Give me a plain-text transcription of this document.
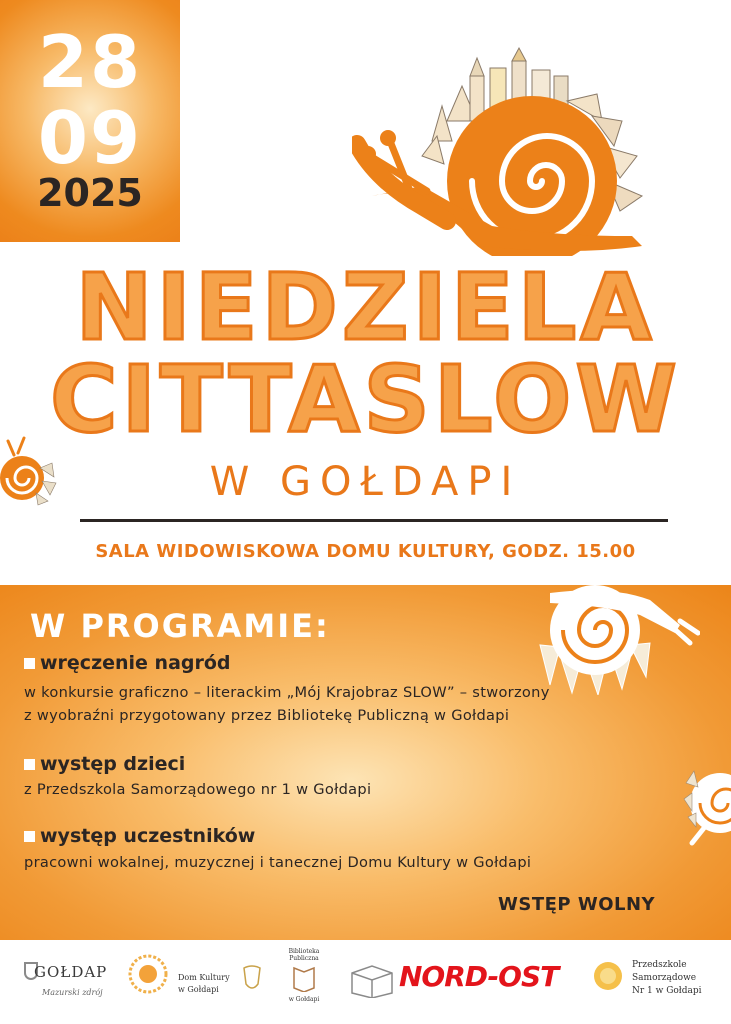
28
09
2025
NIEDZIELA
CITTASLOW
W GOŁDAPI
SALA WIDOWISKOWA DOMU KULTURY, GODZ. 15.00
W PROGRAMIE:
wręczenie nagród
w konkursie graficzno – literackim „Mój Krajobraz SLOW” – stworzony
z wyobraźni przygotowany przez Bibliotekę Publiczną w Gołdapi
występ dzieci
z Przedszkola Samorządowego nr 1 w Gołdapi
występ uczestników
pracowni wokalnej, muzycznej i tanecznej Domu Kultury w Gołdapi
WSTĘP WOLNY
GOŁDAP
Mazurski zdrój
Dom Kultury
w Gołdapi
Biblioteka Publiczna
w Gołdapi
NORD-OST	Przedszkole
Samorządowe
Nr 1 w Gołdapi
